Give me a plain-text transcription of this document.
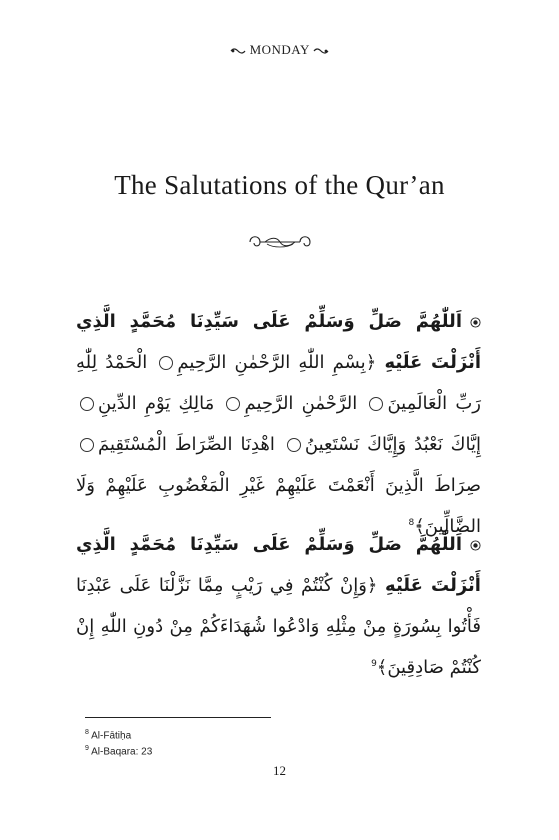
MONDAY
The Salutations of the Qur’an
اَللّٰهُمَّ صَلِّ وَسَلِّمْ عَلَى سَيِّدِنَا مُحَمَّدٍ الَّذِي أَنْزَلْتَ عَلَيْهِ ﴿بِسْمِ اللّٰهِ الرَّحْمٰنِ الرَّحِيمِ الْحَمْدُ لِلّٰهِ رَبِّ الْعَالَمِينَ الرَّحْمٰنِ الرَّحِيمِ مَالِكِ يَوْمِ الدِّينِ إِيَّاكَ نَعْبُدُ وَإِيَّاكَ نَسْتَعِينُ اهْدِنَا الصِّرَاطَ الْمُسْتَقِيمَ صِرَاطَ الَّذِينَ أَنْعَمْتَ عَلَيْهِمْ غَيْرِ الْمَغْضُوبِ عَلَيْهِمْ وَلَا الضَّالِّينَ﴾$^8$
اَللّٰهُمَّ صَلِّ وَسَلِّمْ عَلَى سَيِّدِنَا مُحَمَّدٍ الَّذِي أَنْزَلْتَ عَلَيْهِ ﴿وَإِنْ كُنْتُمْ فِي رَيْبٍ مِمَّا نَزَّلْنَا عَلَى عَبْدِنَا فَأْتُوا بِسُورَةٍ مِنْ مِثْلِهِ وَادْعُوا شُهَدَاءَكُمْ مِنْ دُونِ اللّٰهِ إِنْ كُنْتُمْ صَادِقِينَ﴾$^9$
$^8$ Al-Fātiḥa
$^9$ Al-Baqara: 23
12
